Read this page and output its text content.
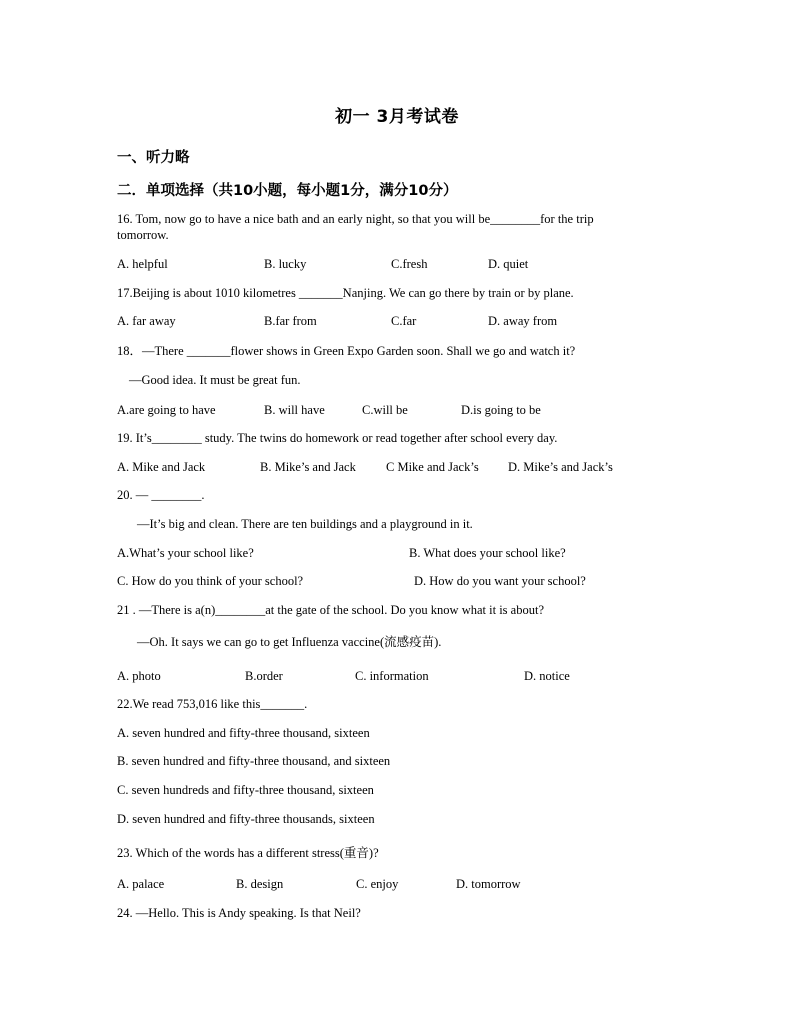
初一 3月考试卷
一、听力略
二．单项选择（共10小题，每小题1分，满分10分）
16. Tom, now go to have a nice bath and an early night, so that you will be________for the trip tomorrow.
A. helpful	B. lucky	C.fresh	D. quiet
17.Beijing is about 1010 kilometres _______Nanjing. We can go there by train or by plane.
A. far away	B.far from	C.far	D. away from
18．—There _______flower shows in Green Expo Garden soon. Shall we go and watch it?
—Good idea. It must be great fun.
A.are going to have	B. will have	C.will be	D.is going to be
19. It’s________ study. The twins do homework or read together after school every day.
A. Mike and Jack	B. Mike’s and Jack C Mike and Jack’s D. Mike’s and Jack’s
20. — ________.
—It’s big and clean. There are ten buildings and a playground in it.
A.What’s your school like?	B. What does your school like?
C. How do you think of your school?	D. How do you want your school?
21 . —There is a(n)________at the gate of the school. Do you know what it is about?
—Oh. It says we can go to get Influenza vaccine(流感疫苗).
A. photo	B.order	C. information	D. notice
22.We read 753,016 like this_______.
A. seven hundred and fifty-three thousand, sixteen
B. seven hundred and fifty-three thousand, and sixteen
C. seven hundreds and fifty-three thousand, sixteen
D. seven hundred and fifty-three thousands, sixteen
23. Which of the words has a different stress(重音)?
A. palace	B. design	C. enjoy	D. tomorrow
24. —Hello. This is Andy speaking. Is that Neil?
